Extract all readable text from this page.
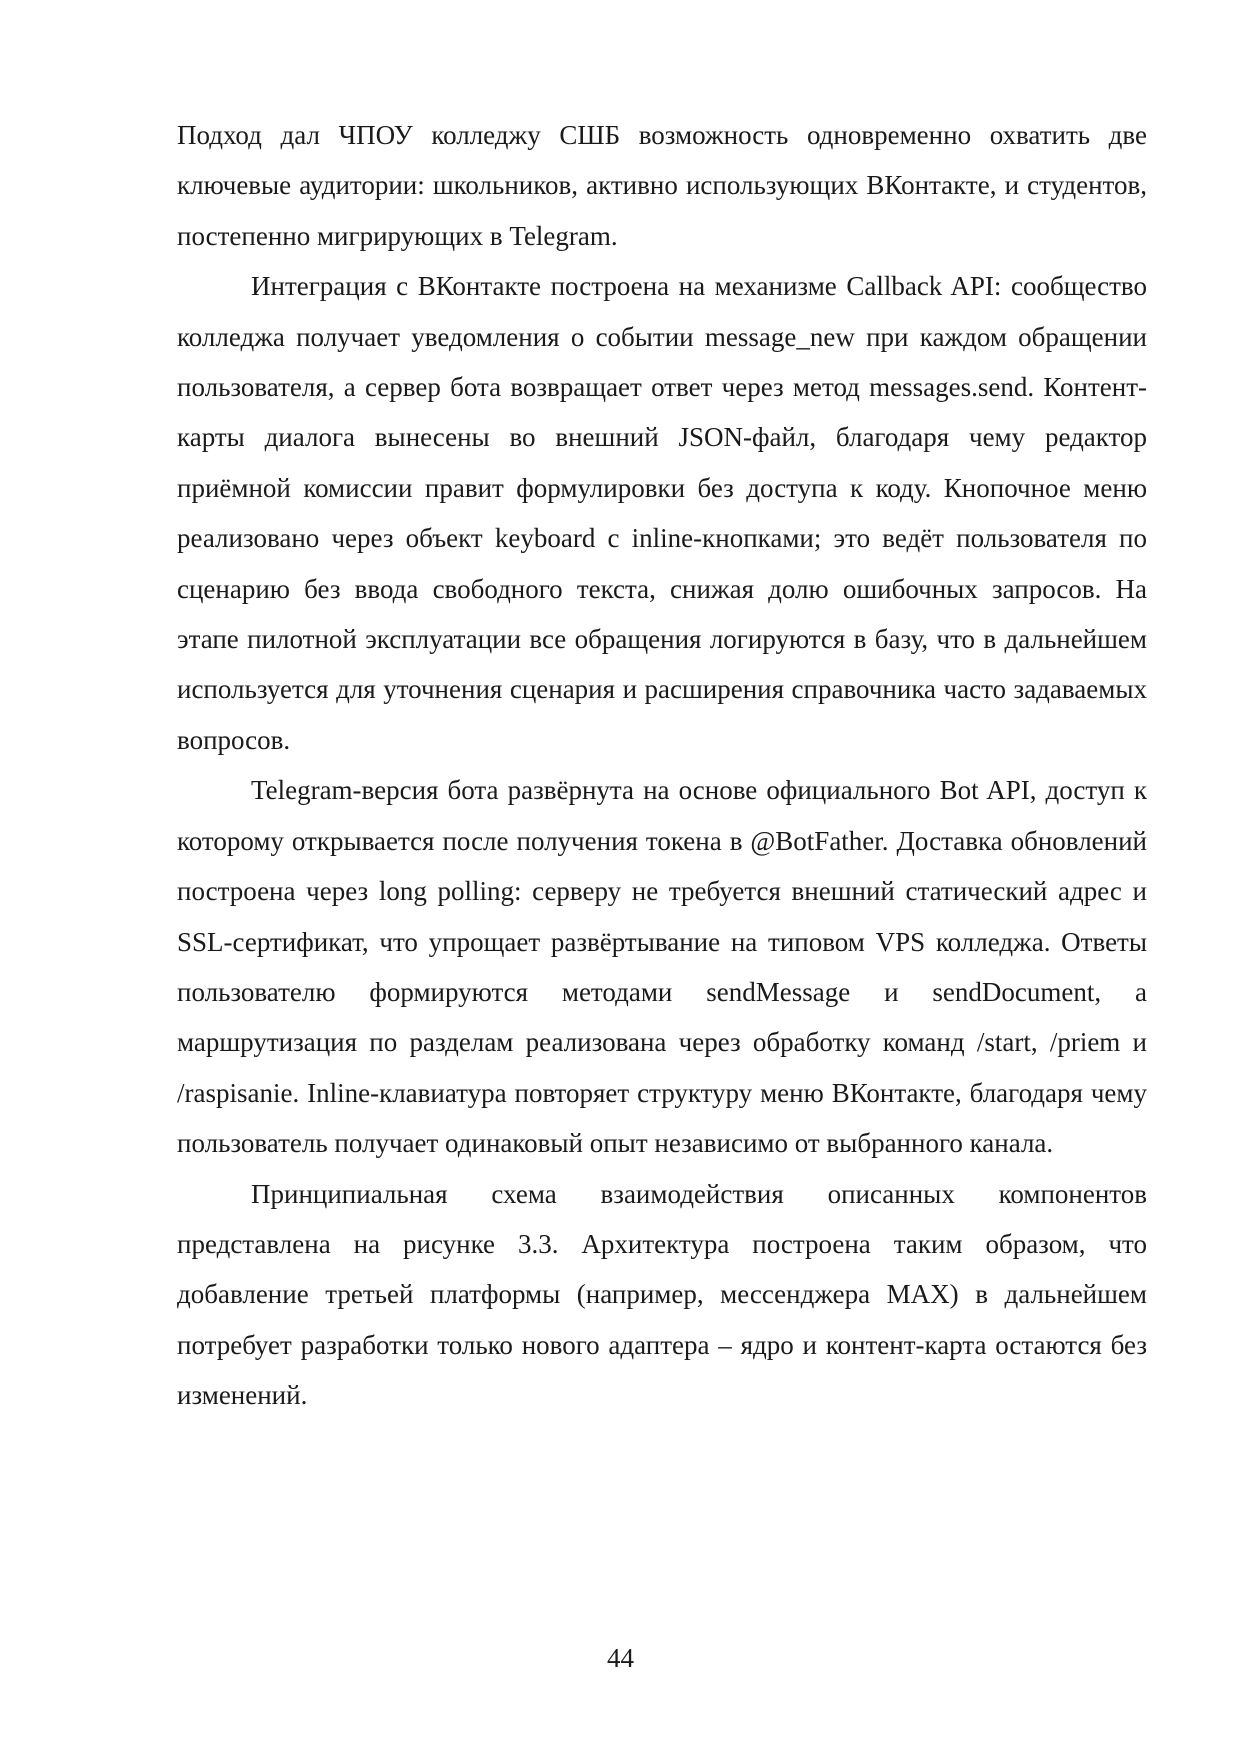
Подход дал ЧПОУ колледжу СШБ возможность одновременно охватить две ключевые аудитории: школьников, активно использующих ВКонтакте, и студентов, постепенно мигрирующих в Telegram.

Интеграция с ВКонтакте построена на механизме Callback API: сообщество колледжа получает уведомления о событии message_new при каждом обращении пользователя, а сервер бота возвращает ответ через метод messages.send. Контент-карты диалога вынесены во внешний JSON-файл, благодаря чему редактор приёмной комиссии правит формулировки без доступа к коду. Кнопочное меню реализовано через объект keyboard с inline-кнопками; это ведёт пользователя по сценарию без ввода свободного текста, снижая долю ошибочных запросов. На этапе пилотной эксплуатации все обращения логируются в базу, что в дальнейшем используется для уточнения сценария и расширения справочника часто задаваемых вопросов.

Telegram-версия бота развёрнута на основе официального Bot API, доступ к которому открывается после получения токена в @BotFather. Доставка обновлений построена через long polling: серверу не требуется внешний статический адрес и SSL-сертификат, что упрощает развёртывание на типовом VPS колледжа. Ответы пользователю формируются методами sendMessage и sendDocument, а маршрутизация по разделам реализована через обработку команд /start, /priem и /raspisanie. Inline-клавиатура повторяет структуру меню ВКонтакте, благодаря чему пользователь получает одинаковый опыт независимо от выбранного канала.

Принципиальная схема взаимодействия описанных компонентов представлена на рисунке 3.3. Архитектура построена таким образом, что добавление третьей платформы (например, мессенджера MAX) в дальнейшем потребует разработки только нового адаптера – ядро и контент-карта остаются без изменений.

44
